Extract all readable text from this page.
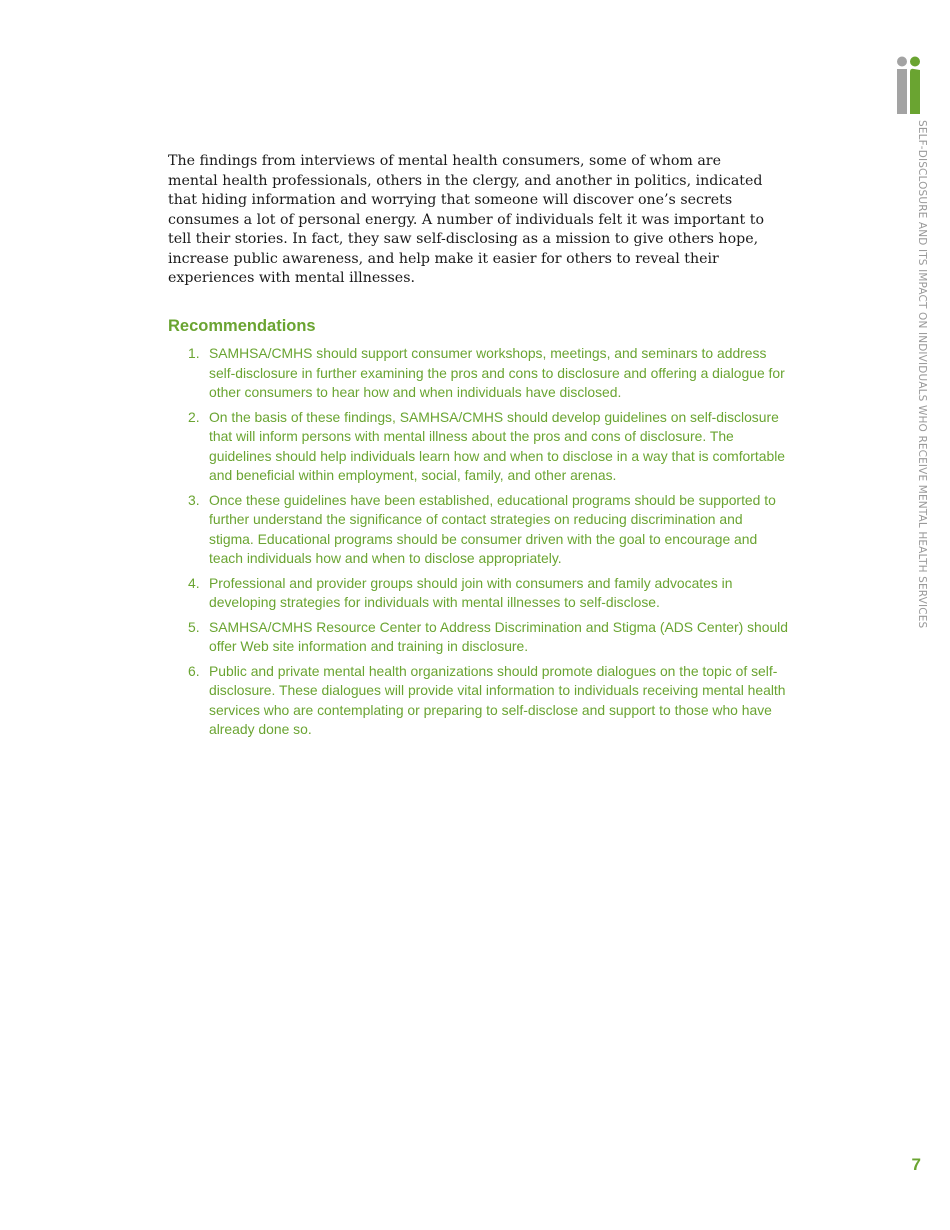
SELF-DISCLOSURE AND ITS IMPACT ON INDIVIDUALS WHO RECEIVE MENTAL HEALTH SERVICES

The findings from interviews of mental health consumers, some of whom are mental health professionals, others in the clergy, and another in politics, indicated that hiding information and worrying that someone will discover one’s secrets consumes a lot of personal energy. A number of individuals felt it was important to tell their stories. In fact, they saw self-disclosing as a mission to give others hope, increase public awareness, and help make it easier for others to reveal their experiences with mental illnesses.

Recommendations
1. SAMHSA/CMHS should support consumer workshops, meetings, and seminars to address self-disclosure in further examining the pros and cons to disclosure and offering a dialogue for other consumers to hear how and when individuals have disclosed.
2. On the basis of these findings, SAMHSA/CMHS should develop guidelines on self-disclosure that will inform persons with mental illness about the pros and cons of disclosure. The guidelines should help individuals learn how and when to disclose in a way that is comfortable and beneficial within employment, social, family, and other arenas.
3. Once these guidelines have been established, educational programs should be supported to further understand the significance of contact strategies on reducing discrimination and stigma. Educational programs should be consumer driven with the goal to encourage and teach individuals how and when to disclose appropriately.
4. Professional and provider groups should join with consumers and family advocates in developing strategies for individuals with mental illnesses to self-disclose.
5. SAMHSA/CMHS Resource Center to Address Discrimination and Stigma (ADS Center) should offer Web site information and training in disclosure.
6. Public and private mental health organizations should promote dialogues on the topic of self-disclosure. These dialogues will provide vital information to individuals receiving mental health services who are contemplating or preparing to self-disclose and support to those who have already done so.
7
